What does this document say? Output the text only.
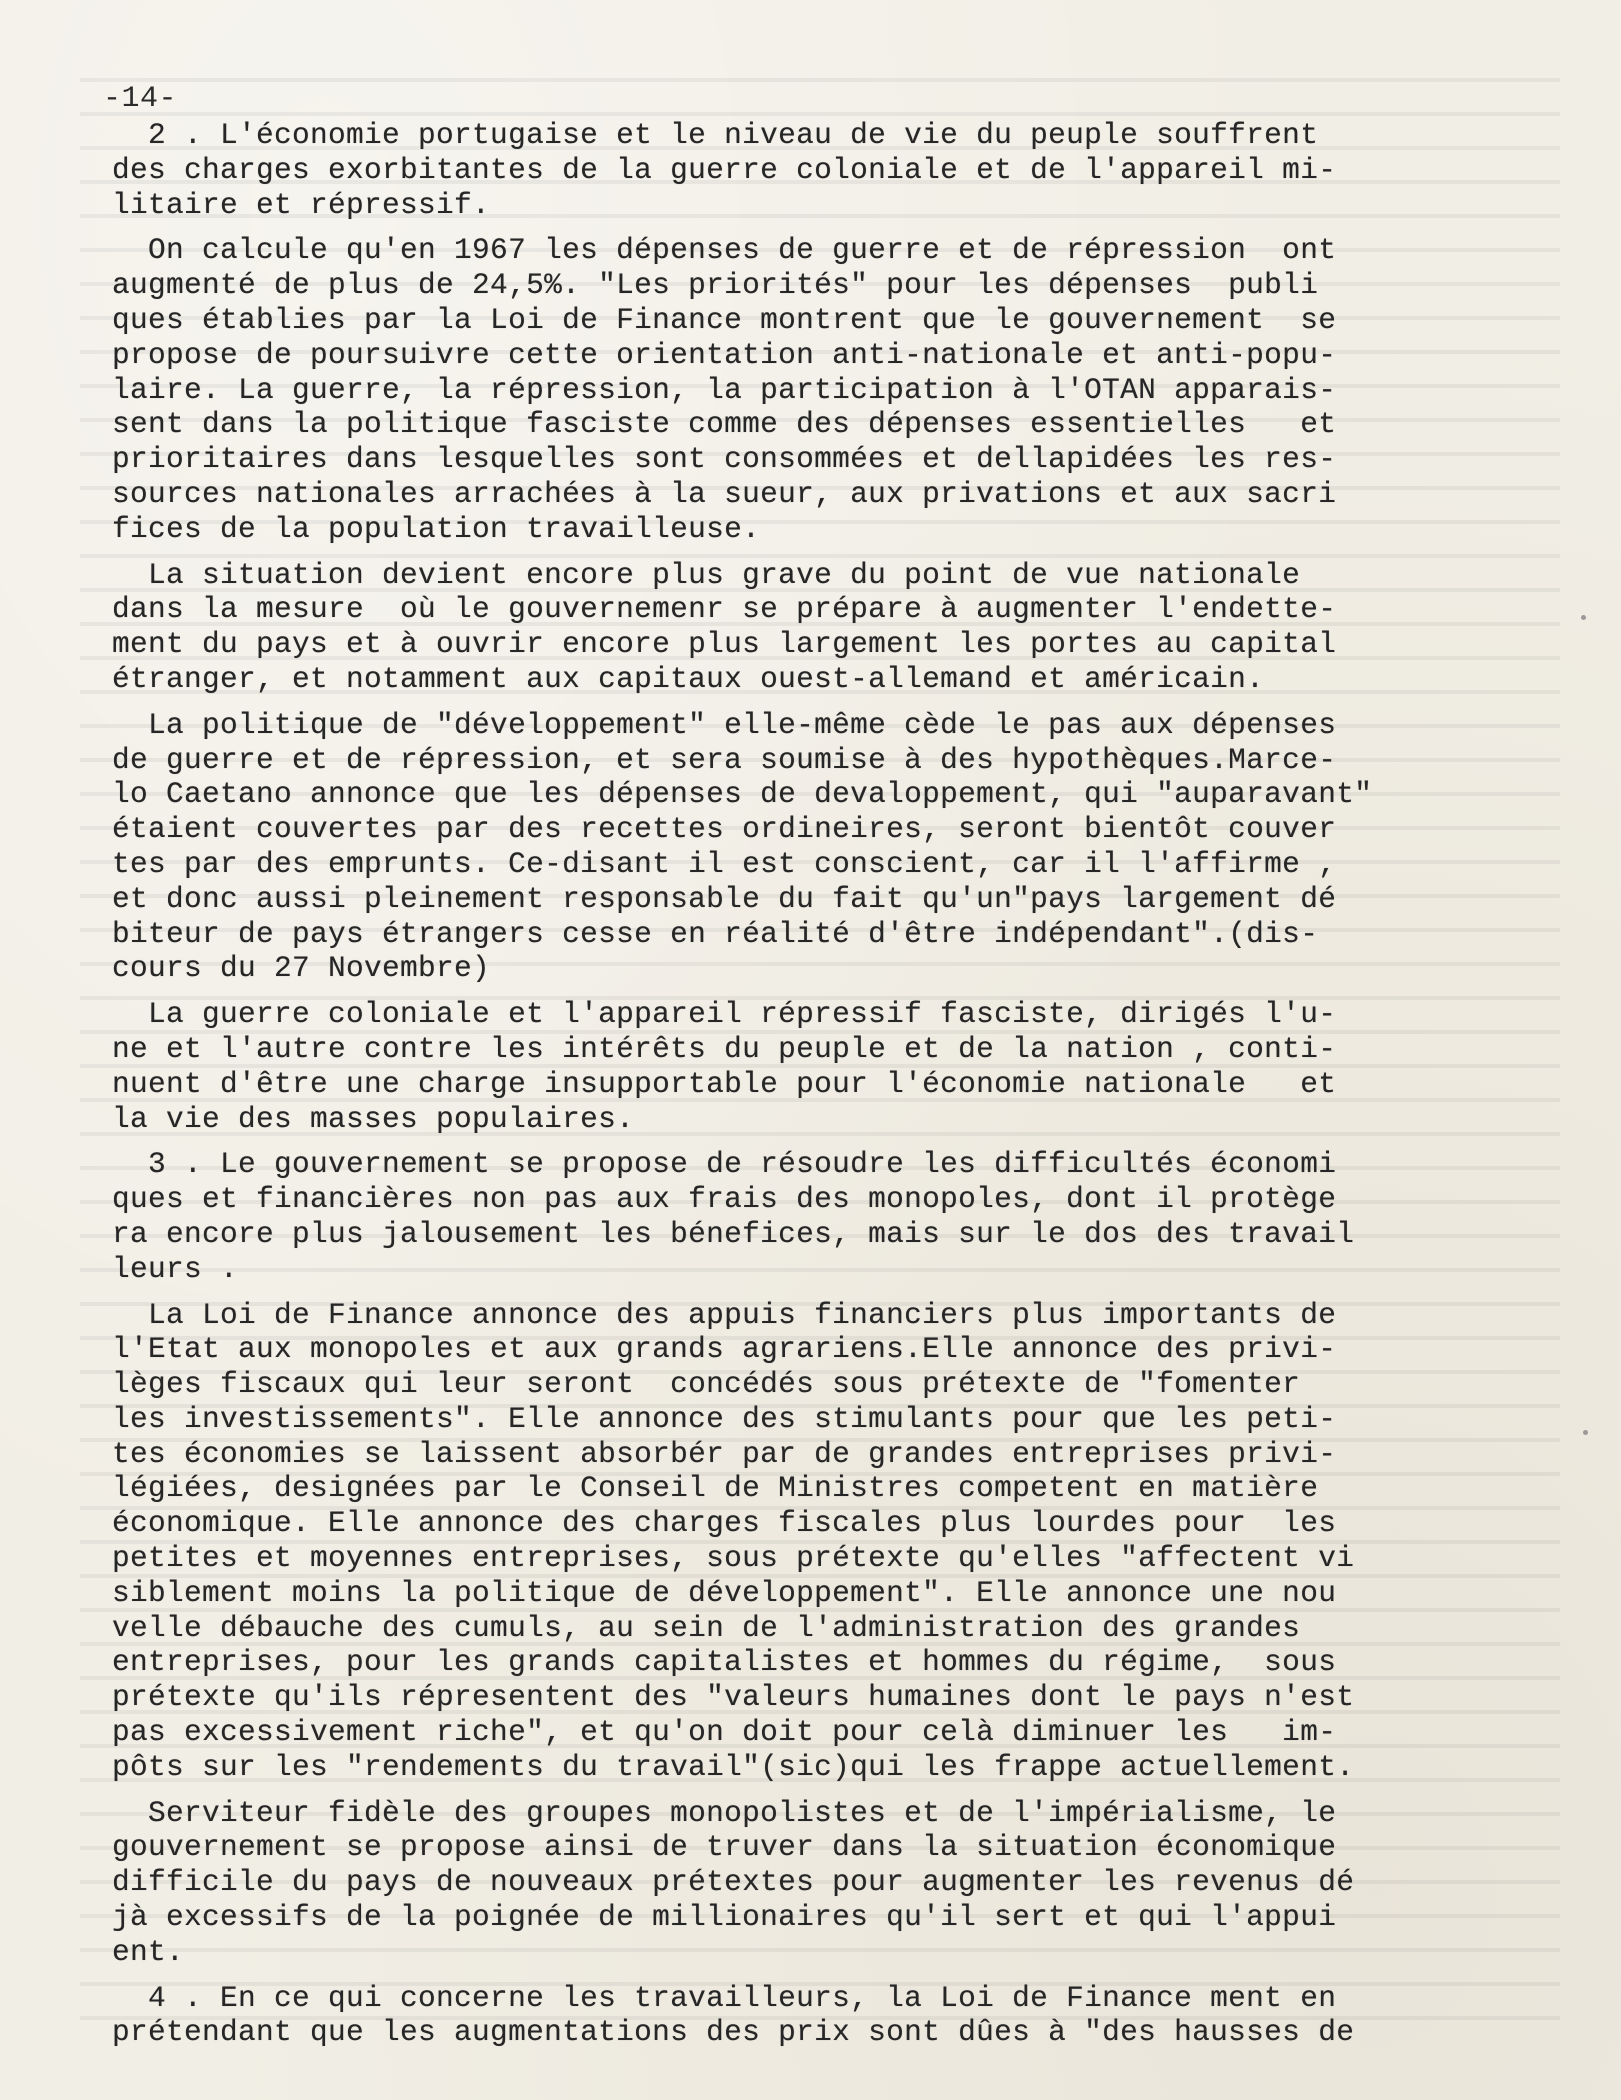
-14-
2 . L'économie portugaise et le niveau de vie du peuple souffrent
des charges exorbitantes de la guerre coloniale et de l'appareil mi-
litaire et répressif.
On calcule qu'en 1967 les dépenses de guerre et de répression  ont
augmenté de plus de 24,5%. "Les priorités" pour les dépenses  publi
ques établies par la Loi de Finance montrent que le gouvernement  se
propose de poursuivre cette orientation anti-nationale et anti-popu-
laire. La guerre, la répression, la participation à l'OTAN apparais-
sent dans la politique fasciste comme des dépenses essentielles   et
prioritaires dans lesquelles sont consommées et dellapidées les res-
sources nationales arrachées à la sueur, aux privations et aux sacri
fices de la population travailleuse.
La situation devient encore plus grave du point de vue nationale
dans la mesure  où le gouvernemenr se prépare à augmenter l'endette-
ment du pays et à ouvrir encore plus largement les portes au capital
étranger, et notamment aux capitaux ouest-allemand et américain.
La politique de "développement" elle-même cède le pas aux dépenses
de guerre et de répression, et sera soumise à des hypothèques.Marce-
lo Caetano annonce que les dépenses de devaloppement, qui "auparavant"
étaient couvertes par des recettes ordineires, seront bientôt couver
tes par des emprunts. Ce-disant il est conscient, car il l'affirme ,
et donc aussi pleinement responsable du fait qu'un"pays largement dé
biteur de pays étrangers cesse en réalité d'être indépendant".(dis-
cours du 27 Novembre)
La guerre coloniale et l'appareil répressif fasciste, dirigés l'u-
ne et l'autre contre les intérêts du peuple et de la nation , conti-
nuent d'être une charge insupportable pour l'économie nationale   et
la vie des masses populaires.
3 . Le gouvernement se propose de résoudre les difficultés économi
ques et financières non pas aux frais des monopoles, dont il protège
ra encore plus jalousement les bénefices, mais sur le dos des travail
leurs .
La Loi de Finance annonce des appuis financiers plus importants de
l'Etat aux monopoles et aux grands agrariens.Elle annonce des privi-
lèges fiscaux qui leur seront  concédés sous prétexte de "fomenter
les investissements". Elle annonce des stimulants pour que les peti-
tes économies se laissent absorbér par de grandes entreprises privi-
légiées, designées par le Conseil de Ministres competent en matière
économique. Elle annonce des charges fiscales plus lourdes pour  les
petites et moyennes entreprises, sous prétexte qu'elles "affectent vi
siblement moins la politique de développement". Elle annonce une nou
velle débauche des cumuls, au sein de l'administration des grandes
entreprises, pour les grands capitalistes et hommes du régime,  sous
prétexte qu'ils répresentent des "valeurs humaines dont le pays n'est
pas excessivement riche", et qu'on doit pour celà diminuer les   im-
pôts sur les "rendements du travail"(sic)qui les frappe actuellement.
Serviteur fidèle des groupes monopolistes et de l'impérialisme, le
gouvernement se propose ainsi de truver dans la situation économique
difficile du pays de nouveaux prétextes pour augmenter les revenus dé
jà excessifs de la poignée de millionaires qu'il sert et qui l'appui
ent.
4 . En ce qui concerne les travailleurs, la Loi de Finance ment en
prétendant que les augmentations des prix sont dûes à "des hausses de
